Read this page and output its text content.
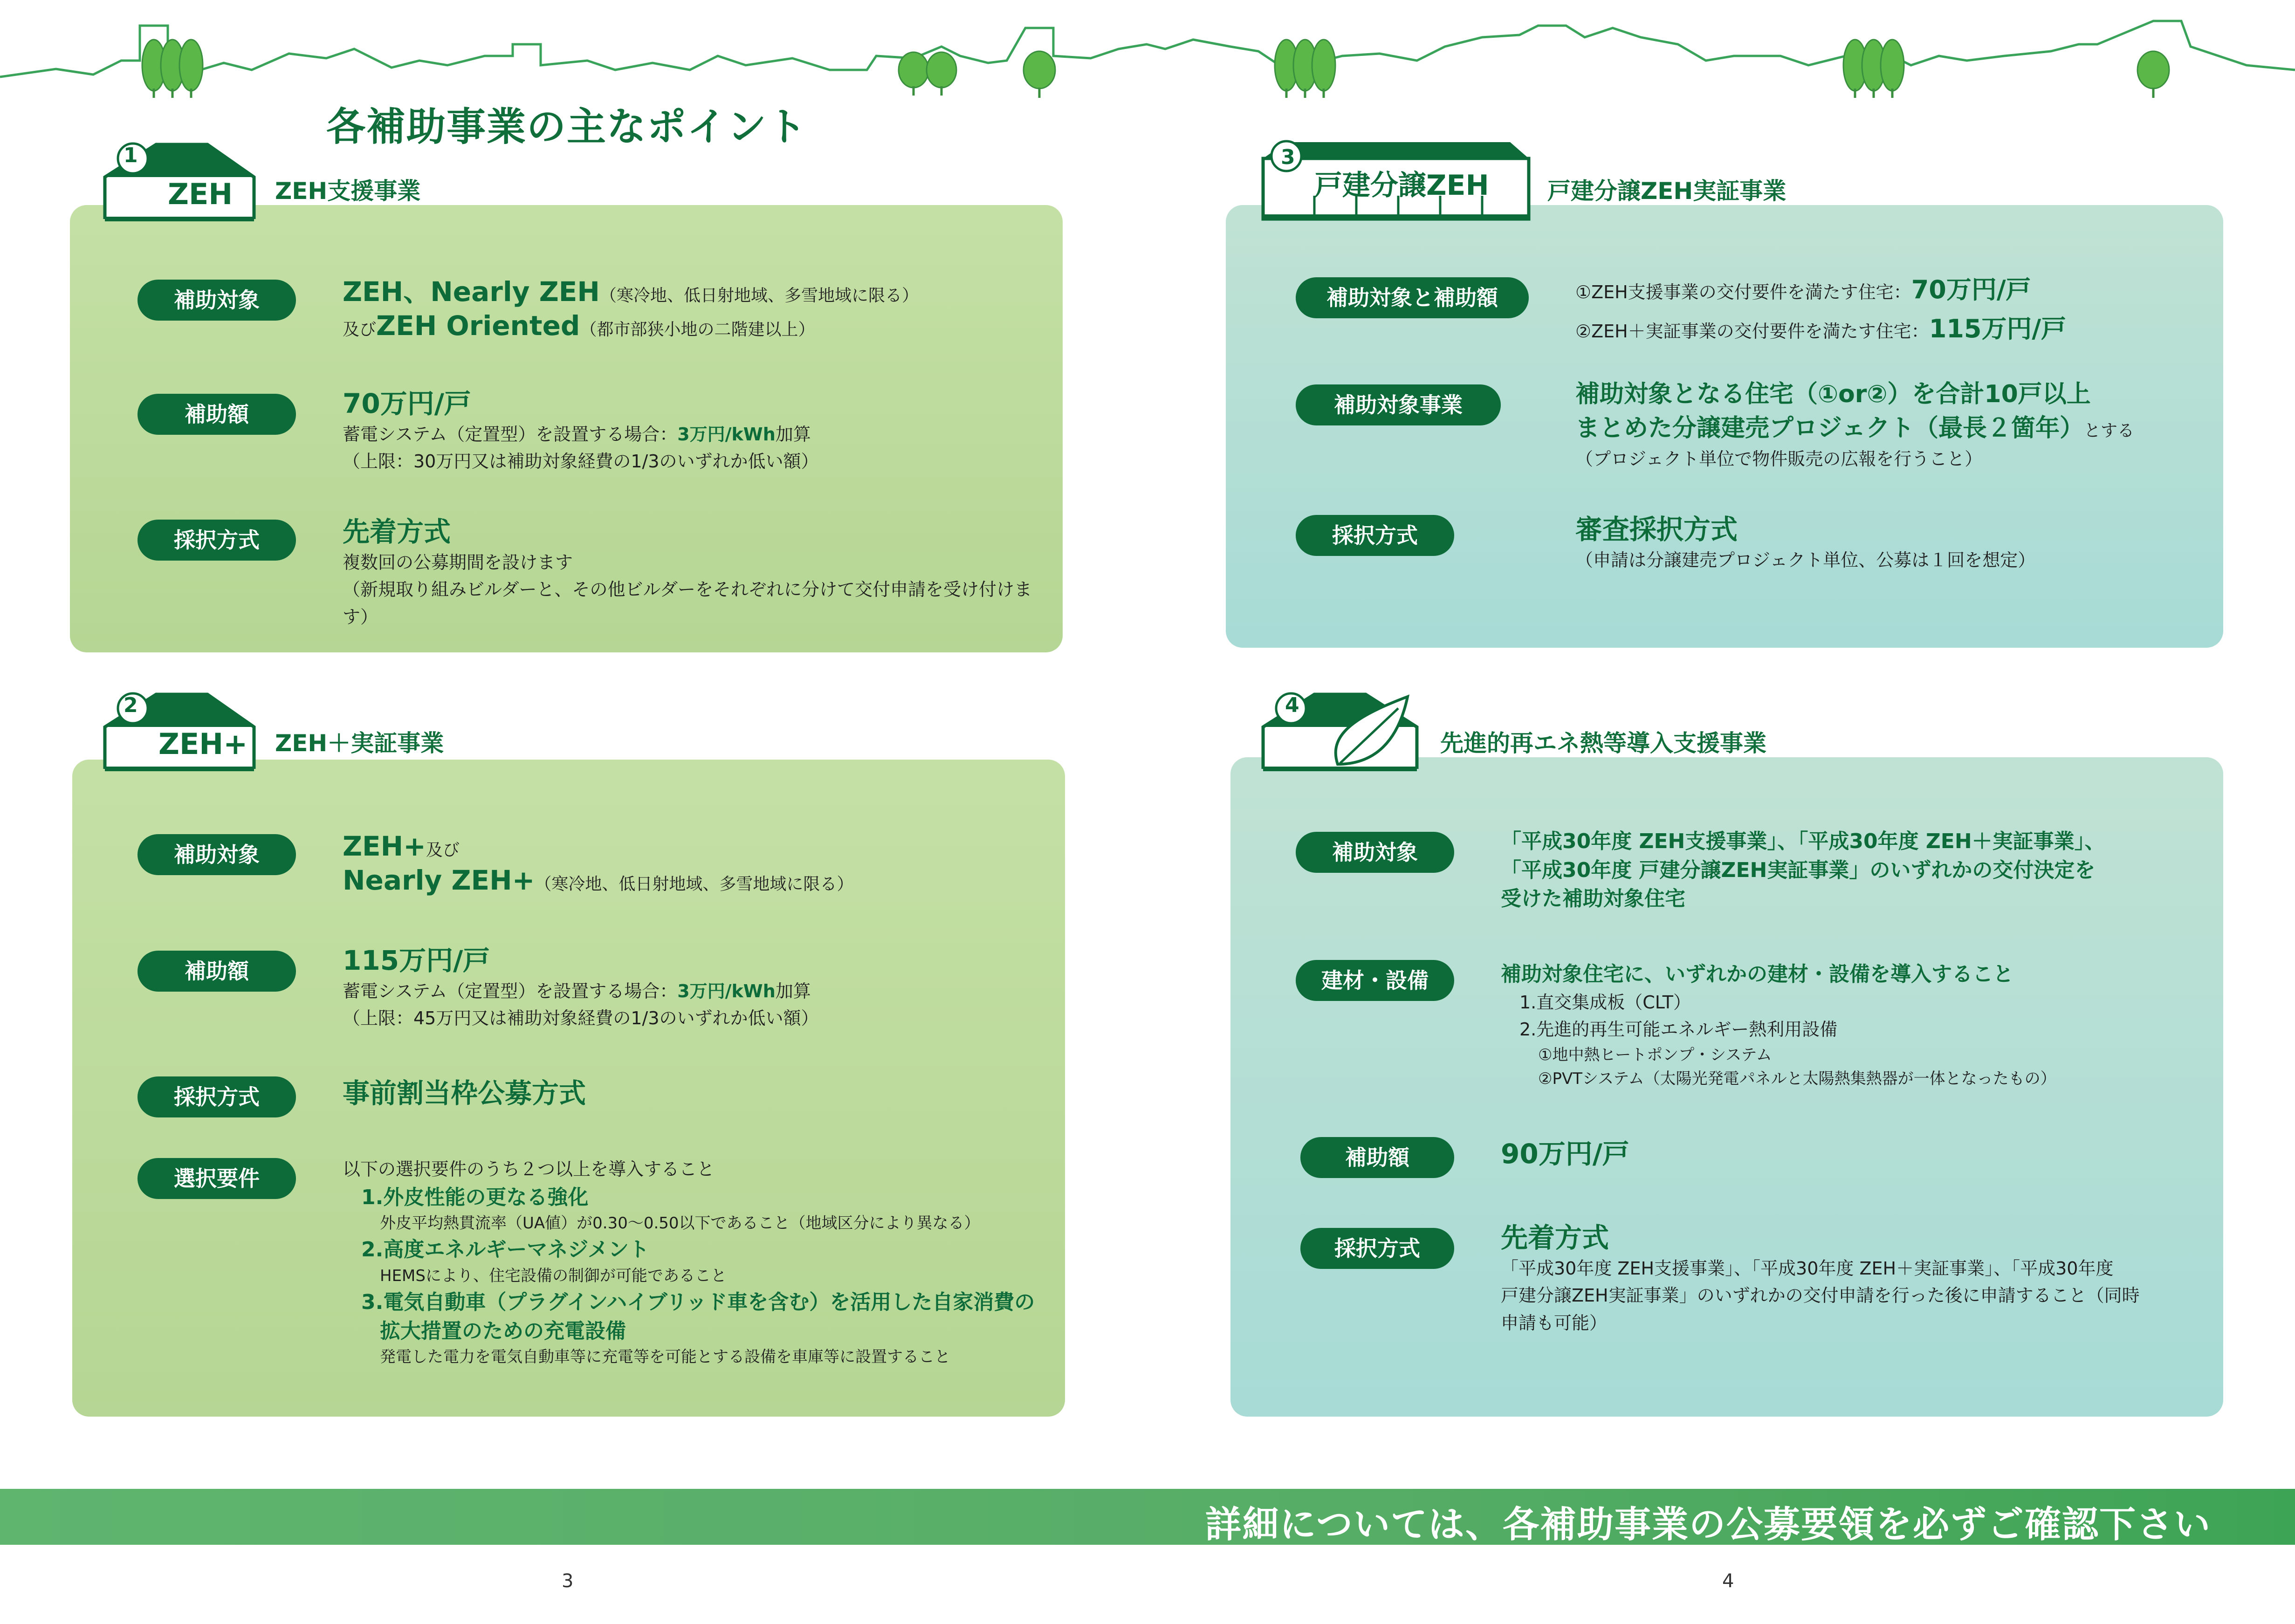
各補助事業の主なポイント
1
ZEH ZEH支援事業
補助対象	ZEH、Nearly ZEH（寒冷地、低日射地域、多雪地域に限る）
及びZEH Oriented（都市部狭小地の二階建以上）
補助額	70万円/戸
蓄電システム（定置型）を設置する場合：3万円/kWh加算
（上限：30万円又は補助対象経費の1/3のいずれか低い額）
採択方式	先着方式
複数回の公募期間を設けます
（新規取り組みビルダーと、その他ビルダーをそれぞれに分けて交付申請を受け付けます）
2
ZEH+ ZEH＋実証事業
補助対象	ZEH+及び
Nearly ZEH+（寒冷地、低日射地域、多雪地域に限る）
補助額	115万円/戸
蓄電システム（定置型）を設置する場合：3万円/kWh加算
（上限：45万円又は補助対象経費の1/3のいずれか低い額）
採択方式	事前割当枠公募方式
選択要件	以下の選択要件のうち２つ以上を導入すること
1.外皮性能の更なる強化
外皮平均熱貫流率（UA値）が0.30～0.50以下であること（地域区分により異なる）
2.高度エネルギーマネジメント
HEMSにより、住宅設備の制御が可能であること
3.電気自動車（プラグインハイブリッド車を含む）を活用した自家消費の
拡大措置のための充電設備
発電した電力を電気自動車等に充電等を可能とする設備を車庫等に設置すること
3
戸建分譲ZEH	戸建分譲ZEH実証事業
補助対象と補助額	①ZEH支援事業の交付要件を満たす住宅：70万円/戸
②ZEH＋実証事業の交付要件を満たす住宅：115万円/戸
補助対象事業	補助対象となる住宅（①or②）を合計10戸以上
まとめた分譲建売プロジェクト（最長２箇年）とする
（プロジェクト単位で物件販売の広報を行うこと）
採択方式	審査採択方式
（申請は分譲建売プロジェクト単位、公募は１回を想定）
4
先進的再エネ熱等導入支援事業
補助対象	「平成30年度 ZEH支援事業」、「平成30年度 ZEH＋実証事業」、
「平成30年度 戸建分譲ZEH実証事業」のいずれかの交付決定を
受けた補助対象住宅
建材・設備	補助対象住宅に、いずれかの建材・設備を導入すること
1.直交集成板（CLT）
2.先進的再生可能エネルギー熱利用設備
①地中熱ヒートポンプ・システム
②PVTシステム（太陽光発電パネルと太陽熱集熱器が一体となったもの）
補助額	90万円/戸
採択方式	先着方式
「平成30年度 ZEH支援事業」、「平成30年度 ZEH＋実証事業」、「平成30年度
戸建分譲ZEH実証事業」のいずれかの交付申請を行った後に申請すること（同時
申請も可能）
詳細については、各補助事業の公募要領を必ずご確認下さい
3	4
